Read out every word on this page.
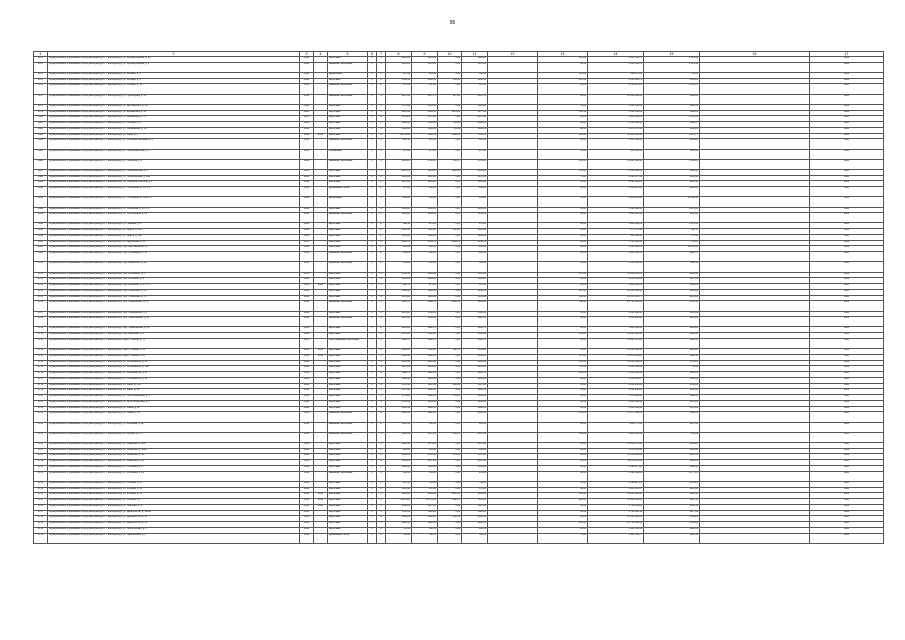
95
1	2	3	4	5	6	7	8	9	10	11	12	13	14	15	16	17
2672	Муниципальное образование «город Екатеринбург», г. Екатеринбург, ул. Кировоградская, д. 22	1959		кирпичные	5	4	4880,60	4029,60	0,00	4029,60		201,00	4 432 593,76	2 632 24		2020
2673	Муниципальное образование «город Екатеринбург», г. Екатеринбург, ул. Кировоградская, д. 2	1959		каменные, кирпичные	5	3	8845,20	5978,20	0,00	5978,20		60,00	3 526 302,25	2 125,98		2020
2674	Муниципальное образование «город Екатеринбург», г. Екатеринбург, ул. Кобзаря, д. 8	1958		деревянные	2	2	987,60	863,60	0,00	863,60		151,00	296 474,06	750,66		2020
2675	Муниципальное образование «город Екатеринбург», г. Екатеринбург, ул. Кобзаря, д. 9	1960		кирпичные	4	3	3536,10	3258,10	152,20	3258,10		125,00	3 233 895,72	3 211,05		2020
2676	Муниципальное образование «город Екатеринбург», г. Екатеринбург, ул. Кобзаря, д. 10	1959		каменные, кирпичные	2	2	872,30	837,30	0,00	837,30		23,00	4 739 672,25	5 125,75		2020
2677	Муниципальное образование «город Екатеринбург», г. Екатеринбург, ул. Грибоедова, д. 16	1958		каменные, кирпичные	4	4	3478,60	3067,70	127,00	3067,70		96,00	16 158 930,00	6090,88		2020
2678	Муниципальное образование «город Екатеринбург», г. Екатеринбург, ул. Достоевского, д. 62	1983		кирпичные	5	4	1737,80	1515,00	0,00	1515,00		51,00	3 562 359,06	2396,13		2020
2679	Муниципальное образование «город Екатеринбург», г. Екатеринбург, ул. Ереванская, д. 19	1983		кирпичные	5	6	4865,40	4584,40	1201,80	3477,90		153,34	3 562 858,06	1328,22		2020
2680	Муниципальное образование «город Екатеринбург», г. Екатеринбург, ул. Ереванская, д. 17	1983		кирпичные	4	4	4851,20	4176,40	0,00	4176,40		90,00	4 105 302,00	1 253,52		2020
2681	Муниципальное образование «город Екатеринбург», г. Екатеринбург, ул. Кобзаря, д. 2	1960		кирпичные	3	2	1248,00	1142,80	798,80	4802,80		68,00	4 395 618,58	3848,47		2020
2682	Муниципальное образование «город Екатеринбург», г. Екатеринбург, ул. Мельникова, д. 13	1958		кирпичные	5	3	3608,00	3326,00	731,60	3614,00		98,00	5 971 347,00	1680,26		2020
2683	Муниципальное образование «город Екатеринбург», г. Екатеринбург, ул. Мира, д. 2	1938	2012	кирпичные	6	8	10759,60	8698,50	2308,00	7566,50		222,00	32 950 581,10	4 317,77		2020
2684	Муниципальное образование «город Екатеринбург», г. Екатеринбург, ул. Кольцова Бекчаева, д. 6	1958		каменные, кирпичные	2	1	485,10	425,10	0,00	425,10		28,00	4 027 446,33	8391,28		2020
2685	Муниципальное образование «город Екатеринбург», г. Екатеринбург, ул. Новочеркасская, д. 8	1953		смешанные	2	1	275,20	275,20	0,00	275,20		15,00	483 503,22	2185,94		2020
2686	Муниципальное образование «город Екатеринбург», г. Екатеринбург, ул. Пирогова, д. 3	1960		каменные, кирпичные	3	2	3064,20	2794,50	453,70	2703,80		266,00	19 420 310,98	6 456,26		2020
2687	Муниципальное образование «город Екатеринбург», г. Екатеринбург, ул. Первомайская, д. 6	1953		кирпичные	5	4	3217,20	3014,00	1202,40	3014,00		113,00	17 065 612,19	2660,80		2020
2688	Муниципальное образование «город Екатеринбург», г. Екатеринбург, ул. Профсоюзная, д. 18а	1961		кирпичные	3	2	3813,20	3647,80	0,00	3647,80		9,00	3 548 977,49	2382,94		2020
2689	Муниципальное образование «город Екатеринбург», г. Екатеринбург, ул. Социалистическая, д. 8	1958		кирпичные	2	2	1257,00	1141,00	0,00	1141,00		80,00	2 598 891,25	2289,11		2020
2690	Муниципальное образование «город Екатеринбург», г. Екатеринбург, ул. Тобольская, д. 18, к. 2	1958		деревянные, бетон	2	2	517,00	486,00	0,00	486,00		22,00	2 632 807,04	8025,86		2020
2691	Муниципальное образование «город Екатеринбург», г. Екатеринбург, ул. Тобольская, д. 18а, к. 3	1958		деревянные	2	1	480,00	444,90	0,00	444,90		16,00	2 203 291,08	12 041,56		2020
2692	Муниципальное образование «город Екатеринбург», г. Екатеринбург, ул. Уральская, д. 16, к. 4	1959		кирпичные	5	4	4564,00	4165,00	0,00	4165,00		22,00	3 598 882,90	8 073,08		2020
2693	Муниципальное образование «город Екатеринбург», г. Екатеринбург, ул. Хрустальная, д. 41	1950		каменные, кирпичные	4	2	1984,00	1845,00	0,00	1845,00		60,00	2 686 308,12	5960,62		2020
2694	Муниципальное образование «город Екатеринбург», г. Екатеринбург, ул. Чапаева, д. 4	1962		кирпичные	2	2	698,40	674,30	0,00	674,30		28,00	2 446 288,29	4 276,62		2020
2695	Муниципальное образование «город Екатеринбург», г. Екатеринбург, ул. Щорса, д. 102	1958		кирпичные	3	2	1301,30	1163,28	236,40	1163,28		29,00	677 172,99	338,76		2020
2696	Муниципальное образование «город Екатеринбург», г. Екатеринбург, ул. Щорса, д. 108	1960		кирпичные	3	2	1478,00	1283,40	0,00	1283,40		39,00	481 332,64	371,38		2020
2697	Муниципальное образование «город Екатеринбург», г. Екатеринбург, ул. Щербакова, д. 34	1975		кирпичные	5	3	2680,70	2436,70	2436,70	2436,70		40,00	1 719 990,62	705,87		2020
2698	Муниципальное образование «город Екатеринбург», г. Екатеринбург, пер. Шербаковский, д. 7	1952		кирпичные	2	2	283,00	246,50	0,00	246,50		23,00	3 535 928,61	12 989,28		2020
2699	Муниципальное образование «город Екатеринбург», г. Екатеринбург, пер. Яблоневый, д. 12	1958		каменные, кирпичные	2	2	311,00	286,00	0,00	286,00		31,00	3 600 322,12	9438,75		2020
2700	Муниципальное образование «город Екатеринбург», г. Екатеринбург, пер. Каменский, д. 16	1956		каменные, кирпичные	2	2	640,80	304,60	0,00	304,60		31,00	3 125 882,90	6366,34		2020
2701	Муниципальное образование «город Екатеринбург», г. Екатеринбург, пер. Котельный, д. 3	1979		кирпичные	5	6	4760,30	4083,00	0,00	3605,00		113,00	19 169 033,76	4102,54		2020
2702	Муниципальное образование «город Екатеринбург», г. Екатеринбург, пер. Ключевой, д. 4	1964		кирпичные	5	4	3263,00	3018,80	0,00	3018,80		92,00	3 053 854,63	6877,16		2020
2703	Муниципальное образование «город Екатеринбург», г. Екатеринбург, пер. Ключевой, д. 47, к. 1	1964	2000	кирпичные	2	1	990,70	871,50	0,00	871,50		20,00	4 080 996,35	3309,00		2020
2704	Муниципальное образование «город Екатеринбург», г. Екатеринбург, пер. Солнечный, д. 15	1958		кирпичные	5	3	3511,40	3266,10	0,00	3266,10		127,00	20 662 986,46	6323,28		2020
2705	Муниципальное образование «город Екатеринбург», г. Екатеринбург, пер. Солнечный, д. 17	1958		кирпичные	5	4	3376,90	3126,80	0,00	3126,80		130,00	25 074 207,77	8204,63		2020
2706	Муниципальное образование «город Екатеринбург», г. Екатеринбург, пер. Суворовский, д. 13	1958		каменные, кирпичные	5	4	4308,70	3896,70	2402,70	2844,00		140,00	21 713 120,09	3795,32		2020
2707	Муниципальное образование «город Екатеринбург», г. Екатеринбург, пер. Суворовский, д. 2	1958		кирпичные	4	3	1874,00	1798,00	0,00	1798,00		61,00	4 024 982,91	2263,69		2020
2708	Муниципальное образование «город Екатеринбург», г. Екатеринбург, пер. Черниговский, д. 11	1958		каменные, кирпичные	4	4	2616,00	2465,60	0,00	2616,00		40,00	6 086 482,94	2414,26		2020
2709	Муниципальное образование «город Екатеринбург», г. Екатеринбург, пер. Черниговский, д. 19	1953		кирпичные	3	2	1265,20	1082,70	0,00	1082,70		44,00	5 263 884,34	4861,88		2020
2710	Муниципальное образование «город Екатеринбург», г. Екатеринбург, пер. Шевченко, д. 9	1958		кирпичные	5	4	3973,20	3180,80	0,00	3180,80		118,00	18 021 426,64	5665,62		2020
2711	Муниципальное образование «город Екатеринбург», г. Екатеринбург, просп. Ленина, д. 73	1953		ЖБК, каменные, кирпичные	5	5	2592,70	2522,70	0,00	2522,70		53,00	14 967 676,05	5933,31		2020
2712	Муниципальное образование «город Екатеринбург», г. Екатеринбург, просп. Ленина, д. 48	1956	2002	кирпичные	5	4	3480,00	3130,00	590,70	2554,40		83,00	13 296 106,44	5426,26		2020
2713	Муниципальное образование «город Екатеринбург», г. Екатеринбург, просп. Ленина, д. 60	1958	2012	кирпичные	5	4	3336,40	2856,50	0,00	2856,50		117,00	10 876 262,25	3626,11		2020
2714	Муниципальное образование «город Екатеринбург», г. Екатеринбург, ул. Космонавтов, д. 12	1960		кирпичные	5	4	3254,50	2863,90	0,00	2863,90		118,00	12 058 364,26	4730,25		2020
2715	Муниципальное образование «город Екатеринбург», г. Екатеринбург, ул. Космонавтов, д. 12а	1958		кирпичные	5	4	2487,00	2213,60	0,00	2213,60		25,00	2 365 838,39	10,64		2020
2716	Муниципальное образование «город Екатеринбург», г. Екатеринбург, ул. Космонавтов, д. 32	1959		кирпичные	4	3	2892,70	2402,70	0,00	2402,70		128,00	8 260 943,92	2436,61		2020
2717	Муниципальное образование «город Екатеринбург», г. Екатеринбург, ул. Космонавтов, д. 34	1960		кирпичные	5	4	2586,90	2404,50	0,00	2404,50		86,00	6 044 311,67	2549,64		2020
2718	Муниципальное образование «город Екатеринбург», г. Екатеринбург, ул. Мира, д. 17а	1958		кирпичные	5	4	1795,40	1697,00	495,20	1697,00		43,00	8 060 106,85	4750,81		2020
2719	Муниципальное образование «город Екатеринбург», г. Екатеринбург, ул. Мира, д. 32	1958		кирпичные	5	4	1373,60	1268,10	0,00	1268,10		51,00	2 512 266,06	1980,93		2020
2720	Муниципальное образование «город Екатеринбург», г. Екатеринбург, ул. Артиллерийская, д. 4	1958		кирпичные	5	4	2711,00	2486,50	754,00	2486,50		60,00	7 475 988,96	3006,63		2020
2721	Муниципальное образование «город Екатеринбург», г. Екатеринбург, ул. Артиллерийская, д. 6	1958		кирпичные	5	4	2503,00	2294,50	0,00	2294,50		40,00	6 088 248,93	2653,63		2020
2722	Муниципальное образование «город Екатеринбург», г. Екатеринбург, ул. Азина, д. 20	1960		кирпичные	4	4	3130,10	2888,40	0,00	2888,40		91,00	4 560 896,30	1579,04		2020
2723	Муниципальное образование «город Екатеринбург», г. Екатеринбург, ул. Азина, д. 23	1960		каменные, кирпичные	5	4	3512,90	3092,40	0,00	3092,40		116,00	16 577 480,03	5360,65		2020
2724	Муниципальное образование «город Екатеринбург», г. Екатеринбург, ул. Кольцова, д. 20	1958		каменные, кирпичные	2	2	1513,50	645,10	0,00	645,10		66,00	7 280 771,45	8070,45		2020
2725	Муниципальное образование «город Екатеринбург», г. Екатеринбург, ул. Кирова, д. 175	1958		каменные, кирпичные	3	3	3180,00	2697,00	245,40	2697,00		108,00	2 404 889,35	891,69		2020
2726	Муниципальное образование «город Екатеринбург», г. Екатеринбург, ул. Кемерова, д. 183	1968		кирпичные	5	4	1810,40	1671,60	0,00	1671,60		88,00	16 050 175,94	9601,21		2020
2727	Муниципальное образование «город Екатеринбург», г. Екатеринбург, ул. Кемерова, д. 184а	1960		кирпичные	2	2	999,00	905,60	0,00	905,60		41,00	4 570 063,90	5045,60		2020
2728	Муниципальное образование «город Екатеринбург», г. Екатеринбург, ул. Кемерова, д. 48	1960		кирпичные	4	3	2660,00	2357,00	272,60	2357,00		90,00	16 153 680,00	6857,61		2020
2729	Муниципальное образование «город Екатеринбург», г. Екатеринбург, ул. Кемерова, д. 50	1960		кирпичные	4	3	2639,00	2347,00	0,00	2347,00		86,00	14 450 116,38	6162,84		2020
2730	Муниципальное образование «город Екатеринбург», г. Екатеринбург, ул. Ключевая, д. 27	1959		кирпичные	2	2	1633,00	1633,00	0,00	1633,00		58,00	8 365 177,00	5122,33		2020
2731	Муниципальное образование «город Екатеринбург», г. Екатеринбург, ул. Ключевая, д. 29	1959		каменные, кирпичные	2	2	498,00	434,00	0,00	434,00		38,00	3 399 950,86	6 177,25		2020
2732	Муниципальное образование «город Екатеринбург», г. Екатеринбург, ул. Кочкина, д. 11	1958		кирпичные	2	2	807,00	750,00	0,00	750,00		35,00	4 899 927,05	6533,24		2020
2733	Муниципальное образование «город Екатеринбург», г. Екатеринбург, ул. Кочкина, д. 12	1958		кирпичные	2	2	1069,40	978,00	0,00	978,00		36,00	8 086 125,57	8124,66		2020
2734	Муниципальное образование «город Екатеринбург», г. Екатеринбург, ул. Кочкина, д. 15	1958	2012	кирпичные	5	4	3803,00	3469,00	1097,10	3469,00		115,00	16 083 200,00	4620,50		2020
2735	Муниципальное образование «город Екатеринбург», г. Екатеринбург, ул. Кочкина, д. 8	1958	2012	кирпичные	6	5	11879,20	11 976,00	3142,70	7976,00		220,00	38 001 009,00	3097,15		2020
2736	Муниципальное образование «город Екатеринбург», г. Екатеринбург, ул. Газетная, д. 47	1958	2008	кирпичные	4	3	2888,00	2517,00	0,00	2517,00		54,00	4 758 952,21	1890,16		2020
2737	Муниципальное образование «город Екатеринбург», г. Екатеринбург, ул. Декабристов, д. 18/1/2	1958		кирпичные	6	3	1788,00	1606,00	0,00	1606,00		56,00	8 796 808,11	5477,53		2020
2738	Муниципальное образование «город Екатеринбург», г. Екатеринбург, ул. Декабристов, д. 16	1960		кирпичные	5	4	4064,00	3636,00	856,70	3636,00		98,00	12 155 829,10	3343,24		2020
2739	Муниципальное образование «город Екатеринбург», г. Екатеринбург, ул. Декабристов, д. 20	1958		кирпичные	5	4	3206,50	2288,50	0,00	2288,50		108,00	12 714 698,14	5555,88		2020
2740	Муниципальное образование «город Екатеринбург», г. Екатеринбург, ул. Аргентинская, д. 6	1958		кирпичные	2	2	753,30	653,30	0,00	653,30		38,00	1 922 431,94	2942,65		2020
2741	Муниципальное образование «город Екатеринбург», г. Екатеринбург, ул. Заречинская, д. 2	1950		деревянные, бетон	2	2	784,20	708,30	0,00	708,30		71,00	6 104 533,77	8618,56		2020
